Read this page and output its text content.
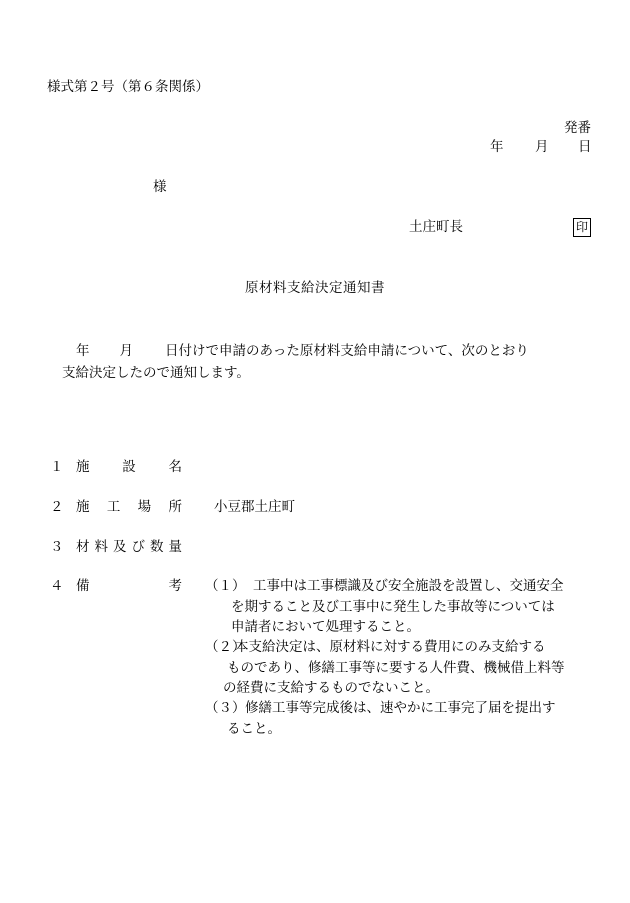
様式第２号（第６条関係）
発番
年 月 日
様
土庄町長	印
原材料支給決定通知書
年 月 日付けで申請のあった原材料支給申請について、次のとおり
支給決定したので通知します。
１ 施 設 名
２ 施 工 場 所 小豆郡土庄町
３ 材 料 及 び 数 量
４ 備	考 （１） 工事中は工事標識及び安全施設を設置し、交通安全
を期すること及び工事中に発生した事故等については
申請者において処理すること。
（２）
本支給決定は、原材料に対する費用にのみ支給する
ものであり、修繕工事等に要する人件費、機械借上料等
の経費に支給するものでないこと。
（３） 修繕工事等完成後は、速やかに工事完了届を提出す
ること。
